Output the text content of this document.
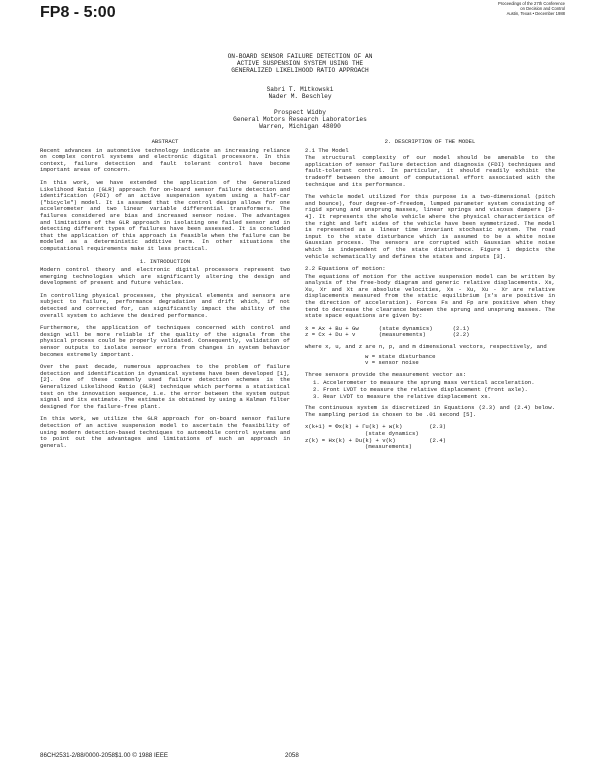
FP8 - 5:00
Proceedings of the 27th Conference
on Decision and Control
Austin, Texas • December 1988
ON-BOARD SENSOR FAILURE DETECTION OF AN
ACTIVE SUSPENSION SYSTEM USING THE
GENERALIZED LIKELIHOOD RATIO APPROACH
Sabri T. Mitkowski
Nader M. Beschley
Prospect Widby
General Motors Research Laboratories
Warren, Michigan 48090
ABSTRACT

Recent advances in automotive technology indicate an increasing reliance on complex control systems and electronic digital processors. In this context, failure detection and fault tolerant control have become important areas of concern.

In this work, we have extended the application of the Generalized Likelihood Ratio (GLR) approach for on-board sensor failure detection and identification (FDI) of an active suspension system using a half-car ("bicycle") model. It is assumed that the control design allows for one accelerometer and two linear variable differential transformers. The failures considered are bias and increased sensor noise. The advantages and limitations of the GLR approach in isolating one failed sensor and in detecting different types of failures have been assessed. It is concluded that the application of this approach is feasible when the failure can be modeled as a deterministic additive term. In other situations the computational requirements make it less practical.

1. INTRODUCTION

Modern control theory and electronic digital processors represent two emerging technologies which are significantly altering the design and development of present and future vehicles.

In controlling physical processes, the physical elements and sensors are subject to failure, performance degradation and drift which, if not detected and corrected for, can significantly impact the ability of the overall system to achieve the desired performance.

Furthermore, the application of techniques concerned with control and design will be more reliable if the quality of the signals from the physical process could be properly validated. Consequently, validation of sensor outputs to isolate sensor errors from changes in system behavior becomes extremely important.

Over the past decade, numerous approaches to the problem of failure detection and identification in dynamical systems have been developed [1], [2]. One of these commonly used failure detection schemes is the Generalized Likelihood Ratio (GLR) technique which performs a statistical test on the innovation sequence, i.e. the error between the system output signal and its estimate. The estimate is obtained by using a Kalman filter designed for the failure-free plant.

In this work, we utilize the GLR approach for on-board sensor failure detection of an active suspension model to ascertain the feasibility of using modern detection-based techniques to automobile control systems and to point out the advantages and limitations of such an approach in general.

2. DESCRIPTION OF THE MODEL
2.1 The Model

The structural complexity of our model should be amenable to the application of sensor failure detection and diagnosis (FDI) techniques and fault-tolerant control. In particular, it should readily exhibit the tradeoff between the amount of computational effort associated with the technique and its performance.

The vehicle model utilized for this purpose is a two-dimensional (pitch and bounce), four degree-of-freedom, lumped parameter system consisting of rigid sprung and unsprung masses, linear springs and viscous dampers [3-4]. It represents the whole vehicle where the physical characteristics of the right and left sides of the vehicle have been symmetrized. The model is represented as a linear time invariant stochastic system. The road input to the state disturbance which is assumed to be a white noise Gaussian process. The sensors are corrupted with Gaussian white noise which is independent of the state disturbance. Figure 1 depicts the vehicle schematically and defines the states and inputs [3].

2.2 Equations of motion:

The equations of motion for the active suspension model can be written by analysis of the free-body diagram and generic relative displacements. Xs, Xu, Xr and Xt are absolute velocities, Xs - Xu, Xu - Xr are relative displacements measured from the static equilibrium (x's are positive in the direction of acceleration). Forces Fs and Fp are positive when they tend to decrease the clearance between the sprung and unsprung masses. The state space equations are given by:

ẋ = Ax + Bu + Gw      (state dynamics)      (2.1)
z = Cx + Du + v       (measurements)        (2.2)

where x, u, and z are n, p, and m dimensional vectors, respectively, and

w = state disturbance
v = sensor noise

Three sensors provide the measurement vector as:

1. Accelerometer to measure the sprung mass vertical acceleration.
2. Front LVDT to measure the relative displacement (front axle).
3. Rear LVDT to measure the relative displacement xs.

The continuous system is discretized in Equations (2.3) and (2.4) below. The sampling period is chosen to be .01 second [5].

x(k+1) = Φx(k) + Γu(k) + w(k)        (2.3)
(state dynamics)
z(k) = Hx(k) + Du(k) + v(k)          (2.4)
(measurements)
86CH2531-2/88/0000-2058$1.00 © 1988 IEEE	2058
